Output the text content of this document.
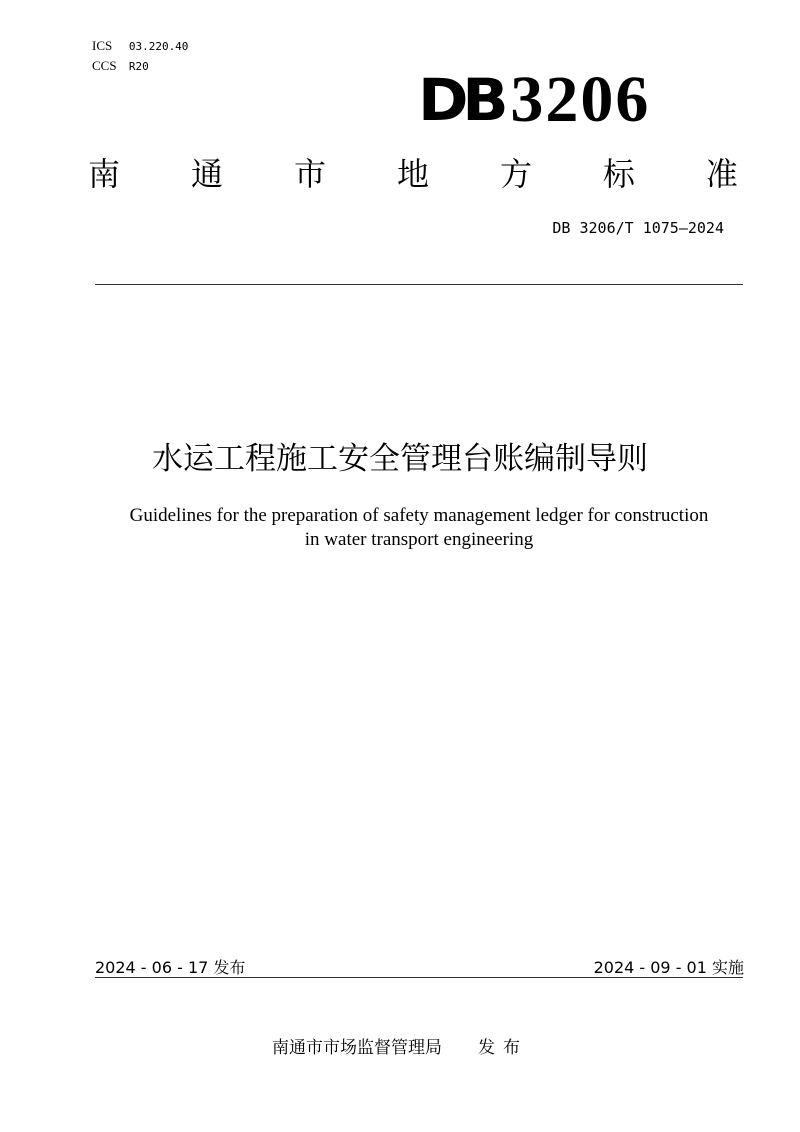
ICS 03.220.40
CCS R20	DB 3206
南 通 市 地 方 标 准
DB 3206/T 1075—2024
水运工程施工安全管理台账编制导则
Guidelines for the preparation of safety management ledger for construction
in water transport engineering
2024 - 06 - 17 发布	2024 - 09 - 01 实施
南通市市场监督管理局 发布
